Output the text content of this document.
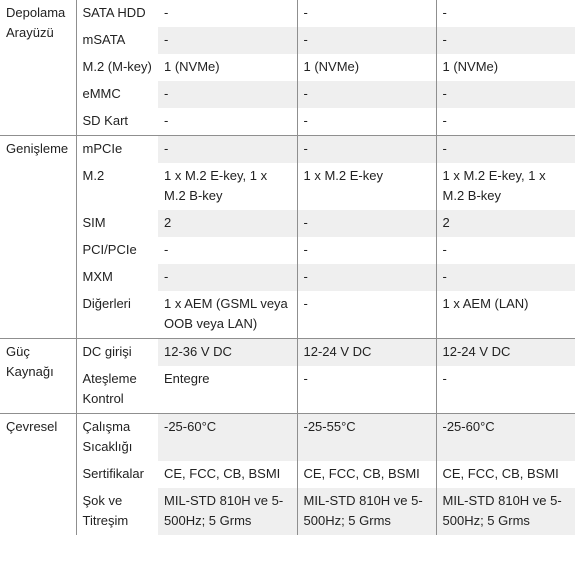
Depolama Arayüzü	SATA HDD	-	-	-
	mSATA	-	-	-
	M.2 (M-key)	1 (NVMe)	1 (NVMe)	1 (NVMe)
	eMMC	-	-	-
	SD Kart	-	-	-
Genişleme	mPCIe	-	-	-
	M.2	1 x M.2 E-key, 1 x M.2 B-key	1 x M.2 E-key	1 x M.2 E-key, 1 x M.2 B-key
	SIM	2	-	2
	PCI/PCIe	-	-	-
	MXM	-	-	-
	Diğerleri	1 x AEM (GSML veya OOB veya LAN)	-	1 x AEM (LAN)
Güç Kaynağı	DC girişi	12-36 V DC	12-24 V DC	12-24 V DC
	Ateşleme Kontrol	Entegre	-	-
Çevresel	Çalışma Sıcaklığı	-25-60°C	-25-55°C	-25-60°C
	Sertifikalar	CE, FCC, CB, BSMI	CE, FCC, CB, BSMI	CE, FCC, CB, BSMI
	Şok ve Titreşim	MIL-STD 810H ve 5-500Hz; 5 Grms	MIL-STD 810H ve 5-500Hz; 5 Grms	MIL-STD 810H ve 5-500Hz; 5 Grms
